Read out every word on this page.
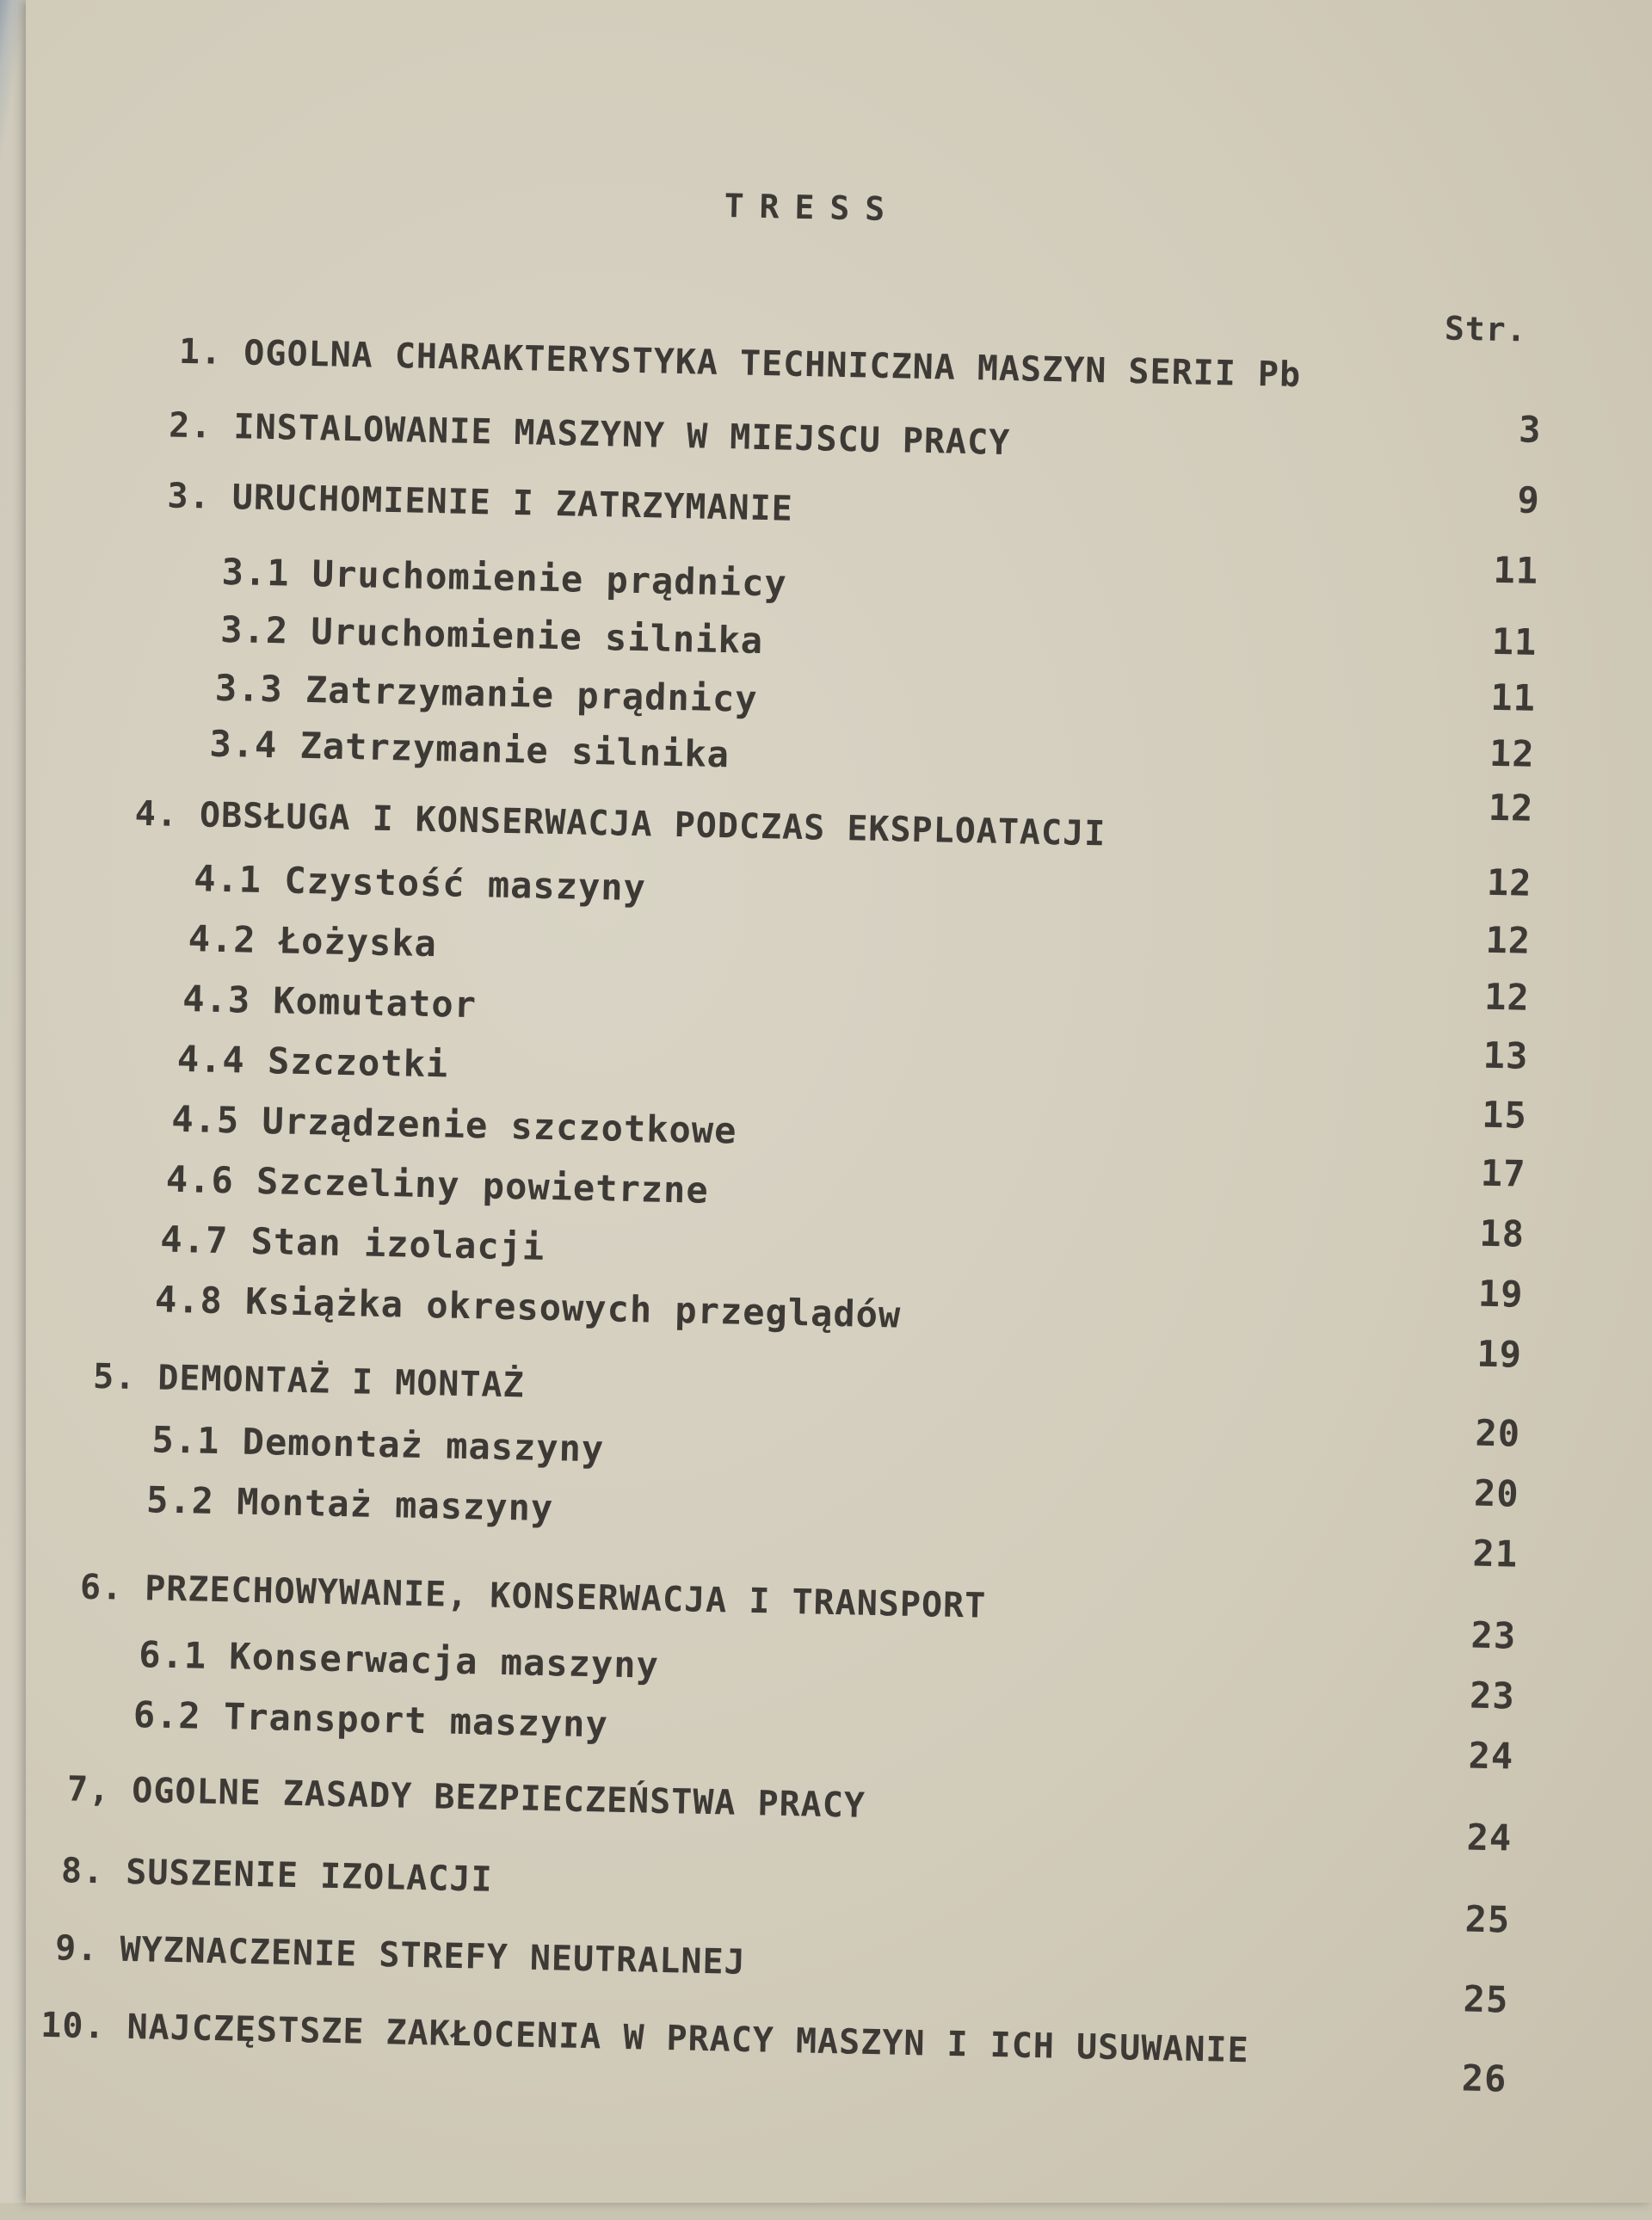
TRESS
Str.
1. OGOLNA CHARAKTERYSTYKA TECHNICZNA MASZYN SERII Pb
2. INSTALOWANIE MASZYNY W MIEJSCU PRACY
3. URUCHOMIENIE I ZATRZYMANIE
3.1 Uruchomienie prądnicy
3.2 Uruchomienie silnika
3.3 Zatrzymanie prądnicy
3.4 Zatrzymanie silnika
4. OBSŁUGA I KONSERWACJA PODCZAS EKSPLOATACJI
4.1 Czystość maszyny
4.2 Łożyska
4.3 Komutator
4.4 Szczotki
4.5 Urządzenie szczotkowe
4.6 Szczeliny powietrzne
4.7 Stan izolacji
4.8 Książka okresowych przeglądów
5. DEMONTAŻ I MONTAŻ
5.1 Demontaż maszyny
5.2 Montaż maszyny
6. PRZECHOWYWANIE, KONSERWACJA I TRANSPORT
6.1 Konserwacja maszyny
6.2 Transport maszyny
7, OGOLNE ZASADY BEZPIECZEŃSTWA PRACY
8. SUSZENIE IZOLACJI
9. WYZNACZENIE STREFY NEUTRALNEJ
10. NAJCZĘSTSZE ZAKŁOCENIA W PRACY MASZYN I ICH USUWANIE
3
9
11
11
11
12
12
12
12
12
13
15
17
18
19
19
20
20
21
23
23
24
24
25
25
26
